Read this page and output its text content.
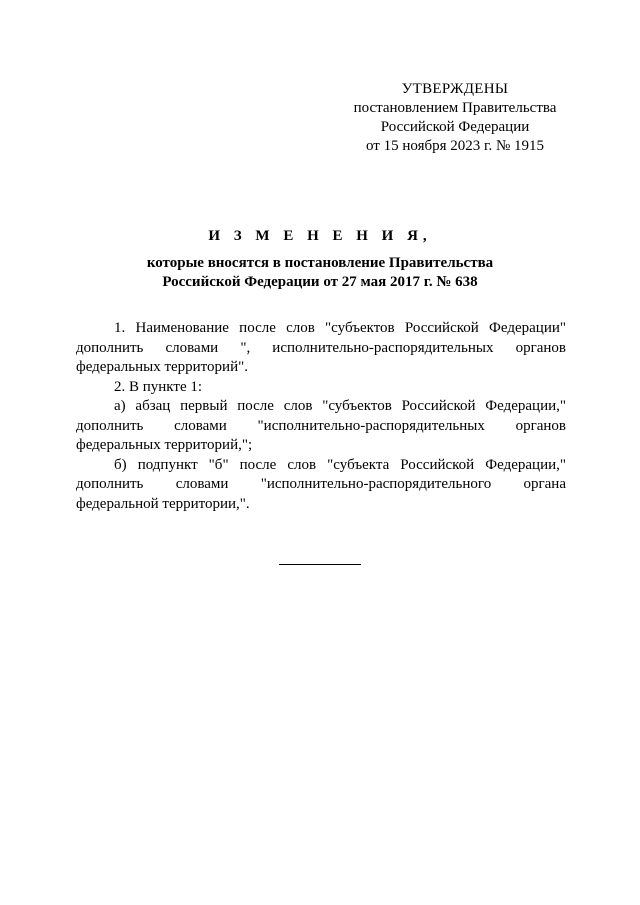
УТВЕРЖДЕНЫ
постановлением Правительства
Российской Федерации
от 15 ноября 2023 г. № 1915
И З М Е Н Е Н И Я,
которые вносятся в постановление Правительства
Российской Федерации от 27 мая 2017 г. № 638

1. Наименование после слов "субъектов Российской Федерации" дополнить словами ", исполнительно-распорядительных органов федеральных территорий".

2. В пункте 1:

а) абзац первый после слов "субъектов Российской Федерации," дополнить словами "исполнительно-распорядительных органов федеральных территорий,";

б) подпункт "б" после слов "субъекта Российской Федерации," дополнить словами "исполнительно-распорядительного органа федеральной территории,".
